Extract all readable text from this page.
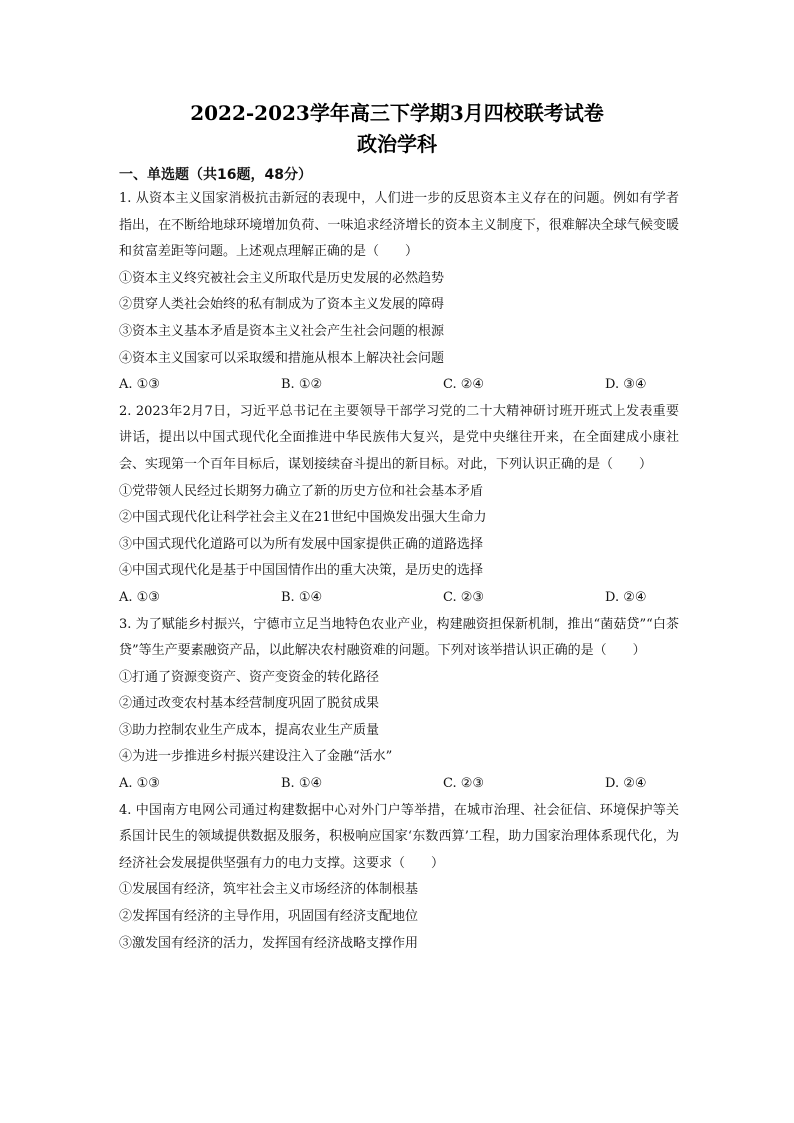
2022-2023学年高三下学期3月四校联考试卷
政治学科
一、单选题（共16题，48分）

1. 从资本主义国家消极抗击新冠的表现中，人们进一步的反思资本主义存在的问题。例如有学者指出，在不断给地球环境增加负荷、一味追求经济增长的资本主义制度下，很难解决全球气候变暖和贫富差距等问题。上述观点理解正确的是（　　）

①资本主义终究被社会主义所取代是历史发展的必然趋势

②贯穿人类社会始终的私有制成为了资本主义发展的障碍

③资本主义基本矛盾是资本主义社会产生社会问题的根源

④资本主义国家可以采取缓和措施从根本上解决社会问题

A. ①③	B. ①②	C. ②④	D. ③④

2. 2023年2月7日，习近平总书记在主要领导干部学习党的二十大精神研讨班开班式上发表重要讲话，提出以中国式现代化全面推进中华民族伟大复兴，是党中央继往开来，在全面建成小康社会、实现第一个百年目标后，谋划接续奋斗提出的新目标。对此，下列认识正确的是（　　）

①党带领人民经过长期努力确立了新的历史方位和社会基本矛盾

②中国式现代化让科学社会主义在21世纪中国焕发出强大生命力

③中国式现代化道路可以为所有发展中国家提供正确的道路选择

④中国式现代化是基于中国国情作出的重大决策，是历史的选择

A. ①③	B. ①④	C. ②③	D. ②④

3. 为了赋能乡村振兴，宁德市立足当地特色农业产业，构建融资担保新机制，推出“菌菇贷”“白茶贷”等生产要素融资产品，以此解决农村融资难的问题。下列对该举措认识正确的是（　　）

①打通了资源变资产、资产变资金的转化路径

②通过改变农村基本经营制度巩固了脱贫成果

③助力控制农业生产成本，提高农业生产质量

④为进一步推进乡村振兴建设注入了金融“活水”

A. ①③	B. ①④	C. ②③	D. ②④

4. 中国南方电网公司通过构建数据中心对外门户等举措，在城市治理、社会征信、环境保护等关系国计民生的领域提供数据及服务，积极响应国家‘东数西算’工程，助力国家治理体系现代化，为经济社会发展提供坚强有力的电力支撑。这要求（　　）

①发展国有经济，筑牢社会主义市场经济的体制根基

②发挥国有经济的主导作用，巩固国有经济支配地位

③激发国有经济的活力，发挥国有经济战略支撑作用
